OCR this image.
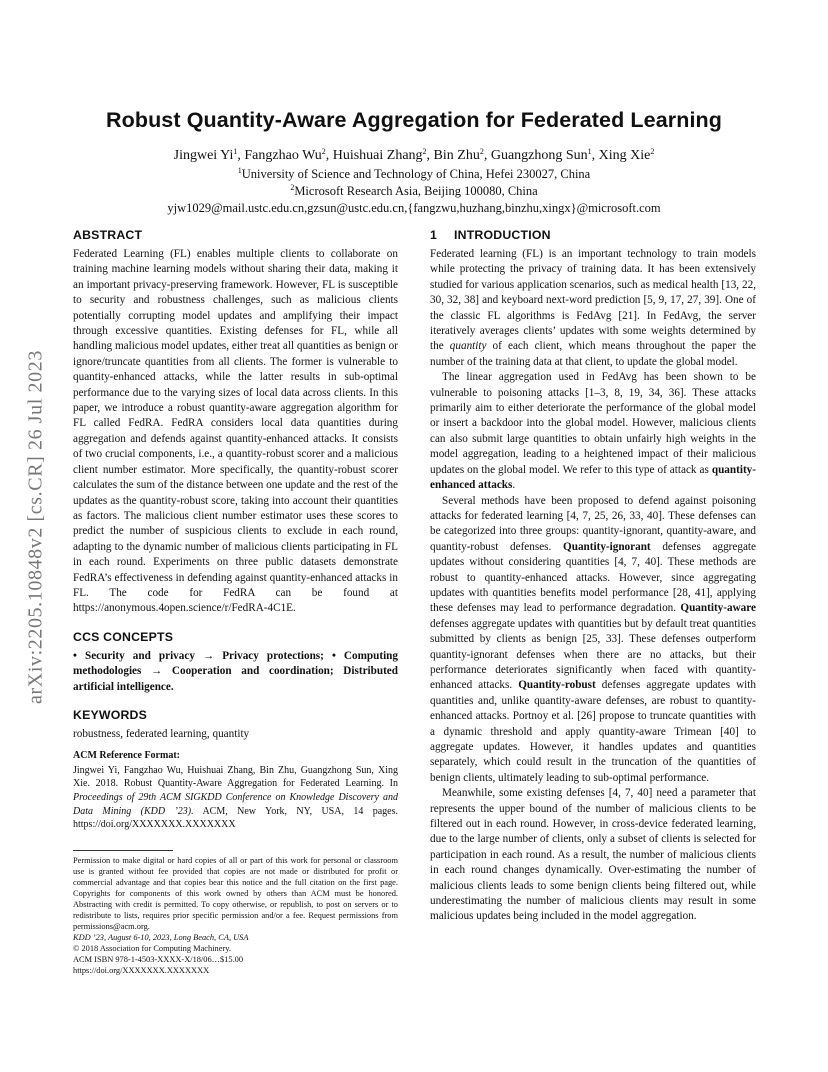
arXiv:2205.10848v2 [cs.CR] 26 Jul 2023
Robust Quantity-Aware Aggregation for Federated Learning
Jingwei Yi$^1$, Fangzhao Wu$^2$, Huishuai Zhang$^2$, Bin Zhu$^2$, Guangzhong Sun$^1$, Xing Xie$^2$
$^1$University of Science and Technology of China, Hefei 230027, China
$^2$Microsoft Research Asia, Beijing 100080, China
yjw1029@mail.ustc.edu.cn,gzsun@ustc.edu.cn,{fangzwu,huzhang,binzhu,xingx}@microsoft.com
ABSTRACT

Federated Learning (FL) enables multiple clients to collaborate on training machine learning models without sharing their data, making it an important privacy-preserving framework. However, FL is susceptible to security and robustness challenges, such as malicious clients potentially corrupting model updates and amplifying their impact through excessive quantities. Existing defenses for FL, while all handling malicious model updates, either treat all quantities as benign or ignore/truncate quantities from all clients. The former is vulnerable to quantity-enhanced attacks, while the latter results in sub-optimal performance due to the varying sizes of local data across clients. In this paper, we introduce a robust quantity-aware aggregation algorithm for FL called FedRA. FedRA considers local data quantities during aggregation and defends against quantity-enhanced attacks. It consists of two crucial components, i.e., a quantity-robust scorer and a malicious client number estimator. More specifically, the quantity-robust scorer calculates the sum of the distance between one update and the rest of the updates as the quantity-robust score, taking into account their quantities as factors. The malicious client number estimator uses these scores to predict the number of suspicious clients to exclude in each round, adapting to the dynamic number of malicious clients participating in FL in each round. Experiments on three public datasets demonstrate FedRA’s effectiveness in defending against quantity-enhanced attacks in FL. The code for FedRA can be found at https://anonymous.4open.science/r/FedRA-4C1E.

CCS CONCEPTS

• Security and privacy → Privacy protections; • Computing methodologies → Cooperation and coordination; Distributed artificial intelligence.

KEYWORDS

robustness, federated learning, quantity

ACM Reference Format:

Jingwei Yi, Fangzhao Wu, Huishuai Zhang, Bin Zhu, Guangzhong Sun, Xing Xie. 2018. Robust Quantity-Aware Aggregation for Federated Learning. In Proceedings of 29th ACM SIGKDD Conference on Knowledge Discovery and Data Mining (KDD ’23). ACM, New York, NY, USA, 14 pages. https://doi.org/XXXXXXX.XXXXXXX

Permission to make digital or hard copies of all or part of this work for personal or classroom use is granted without fee provided that copies are not made or distributed for profit or commercial advantage and that copies bear this notice and the full citation on the first page. Copyrights for components of this work owned by others than ACM must be honored. Abstracting with credit is permitted. To copy otherwise, or republish, to post on servers or to redistribute to lists, requires prior specific permission and/or a fee. Request permissions from permissions@acm.org.

KDD ’23, August 6-10, 2023, Long Beach, CA, USA

© 2018 Association for Computing Machinery.

ACM ISBN 978-1-4503-XXXX-X/18/06…$15.00

https://doi.org/XXXXXXX.XXXXXXX

1 INTRODUCTION

Federated learning (FL) is an important technology to train models while protecting the privacy of training data. It has been extensively studied for various application scenarios, such as medical health [13, 22, 30, 32, 38] and keyboard next-word prediction [5, 9, 17, 27, 39]. One of the classic FL algorithms is FedAvg [21]. In FedAvg, the server iteratively averages clients’ updates with some weights determined by the quantity of each client, which means throughout the paper the number of the training data at that client, to update the global model.

The linear aggregation used in FedAvg has been shown to be vulnerable to poisoning attacks [1–3, 8, 19, 34, 36]. These attacks primarily aim to either deteriorate the performance of the global model or insert a backdoor into the global model. However, malicious clients can also submit large quantities to obtain unfairly high weights in the model aggregation, leading to a heightened impact of their malicious updates on the global model. We refer to this type of attack as quantity-enhanced attacks.

Several methods have been proposed to defend against poisoning attacks for federated learning [4, 7, 25, 26, 33, 40]. These defenses can be categorized into three groups: quantity-ignorant, quantity-aware, and quantity-robust defenses. Quantity-ignorant defenses aggregate updates without considering quantities [4, 7, 40]. These methods are robust to quantity-enhanced attacks. However, since aggregating updates with quantities benefits model performance [28, 41], applying these defenses may lead to performance degradation. Quantity-aware defenses aggregate updates with quantities but by default treat quantities submitted by clients as benign [25, 33]. These defenses outperform quantity-ignorant defenses when there are no attacks, but their performance deteriorates significantly when faced with quantity-enhanced attacks. Quantity-robust defenses aggregate updates with quantities and, unlike quantity-aware defenses, are robust to quantity-enhanced attacks. Portnoy et al. [26] propose to truncate quantities with a dynamic threshold and apply quantity-aware Trimean [40] to aggregate updates. However, it handles updates and quantities separately, which could result in the truncation of the quantities of benign clients, ultimately leading to sub-optimal performance.

Meanwhile, some existing defenses [4, 7, 40] need a parameter that represents the upper bound of the number of malicious clients to be filtered out in each round. However, in cross-device federated learning, due to the large number of clients, only a subset of clients is selected for participation in each round. As a result, the number of malicious clients in each round changes dynamically. Over-estimating the number of malicious clients leads to some benign clients being filtered out, while underestimating the number of malicious clients may result in some malicious updates being included in the model aggregation.
